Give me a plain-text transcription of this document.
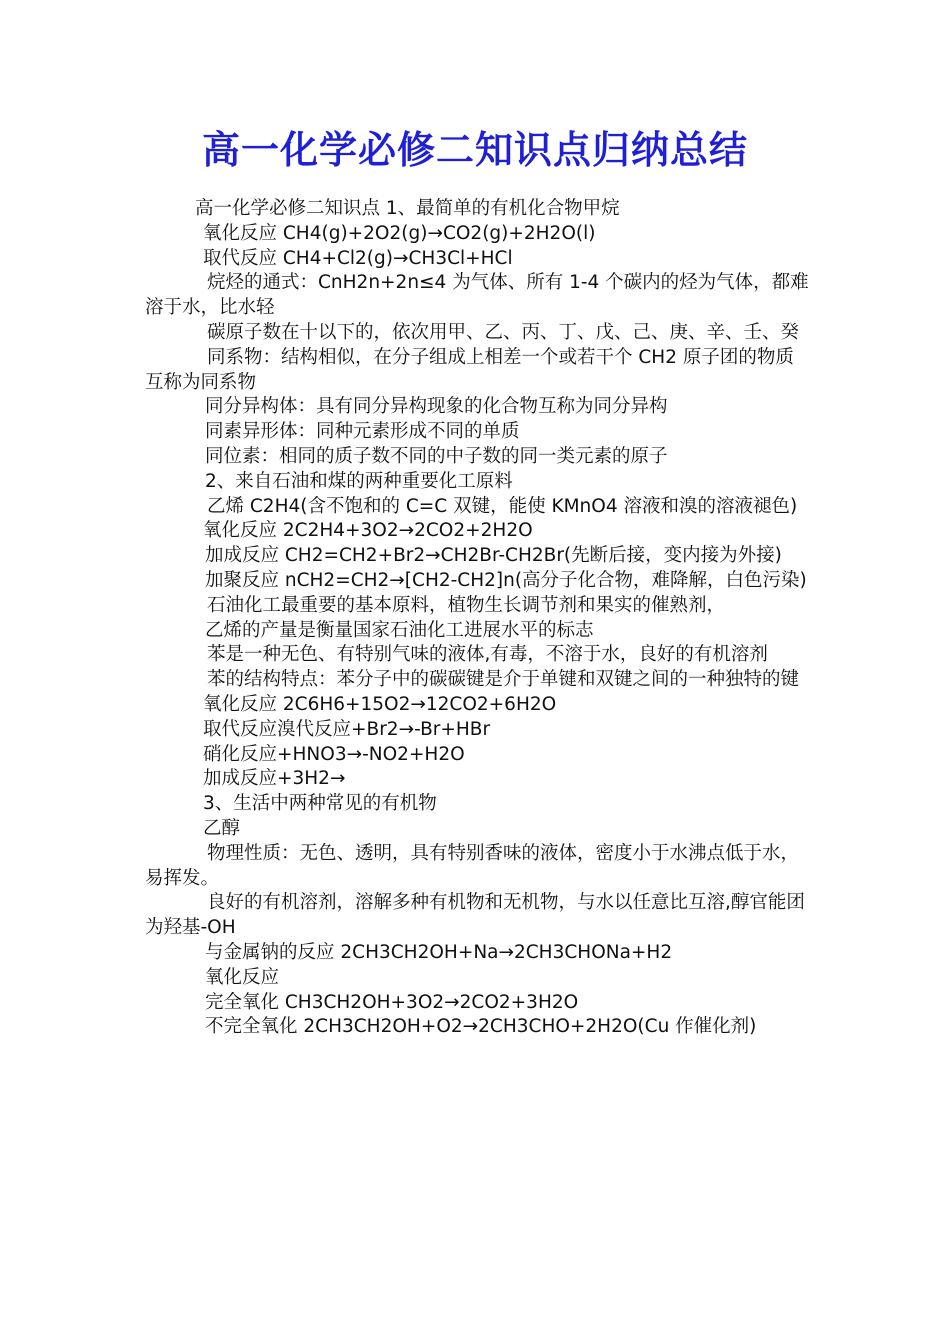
高一化学必修二知识点归纳总结

高一化学必修二知识点 1、最简单的有机化合物甲烷

氧化反应 CH4(g)+2O2(g)→CO2(g)+2H2O(l)

取代反应 CH4+Cl2(g)→CH3Cl+HCl

烷烃的通式：CnH2n+2n≤4 为气体、所有 1-4 个碳内的烃为气体，都难溶于水，比水轻

碳原子数在十以下的，依次用甲、乙、丙、丁、戊、己、庚、辛、壬、癸

同系物：结构相似，在分子组成上相差一个或若干个 CH2 原子团的物质互称为同系物

同分异构体：具有同分异构现象的化合物互称为同分异构

同素异形体：同种元素形成不同的单质

同位素：相同的质子数不同的中子数的同一类元素的原子

2、来自石油和煤的两种重要化工原料

乙烯 C2H4(含不饱和的 C=C 双键，能使 KMnO4 溶液和溴的溶液褪色)

氧化反应 2C2H4+3O2→2CO2+2H2O

加成反应 CH2=CH2+Br2→CH2Br-CH2Br(先断后接，变内接为外接)

加聚反应 nCH2=CH2→[CH2-CH2]n(高分子化合物，难降解，白色污染)

石油化工最重要的基本原料，植物生长调节剂和果实的催熟剂，

乙烯的产量是衡量国家石油化工进展水平的标志

苯是一种无色、有特别气味的液体,有毒，不溶于水，良好的有机溶剂

苯的结构特点：苯分子中的碳碳键是介于单键和双键之间的一种独特的键

氧化反应 2C6H6+15O2→12CO2+6H2O

取代反应溴代反应+Br2→-Br+HBr

硝化反应+HNO3→-NO2+H2O

加成反应+3H2→

3、生活中两种常见的有机物

乙醇

物理性质：无色、透明，具有特别香味的液体，密度小于水沸点低于水，易挥发。

良好的有机溶剂，溶解多种有机物和无机物，与水以任意比互溶,醇官能团为羟基-OH

与金属钠的反应 2CH3CH2OH+Na→2CH3CHONa+H2

氧化反应

完全氧化 CH3CH2OH+3O2→2CO2+3H2O

不完全氧化 2CH3CH2OH+O2→2CH3CHO+2H2O(Cu 作催化剂)
